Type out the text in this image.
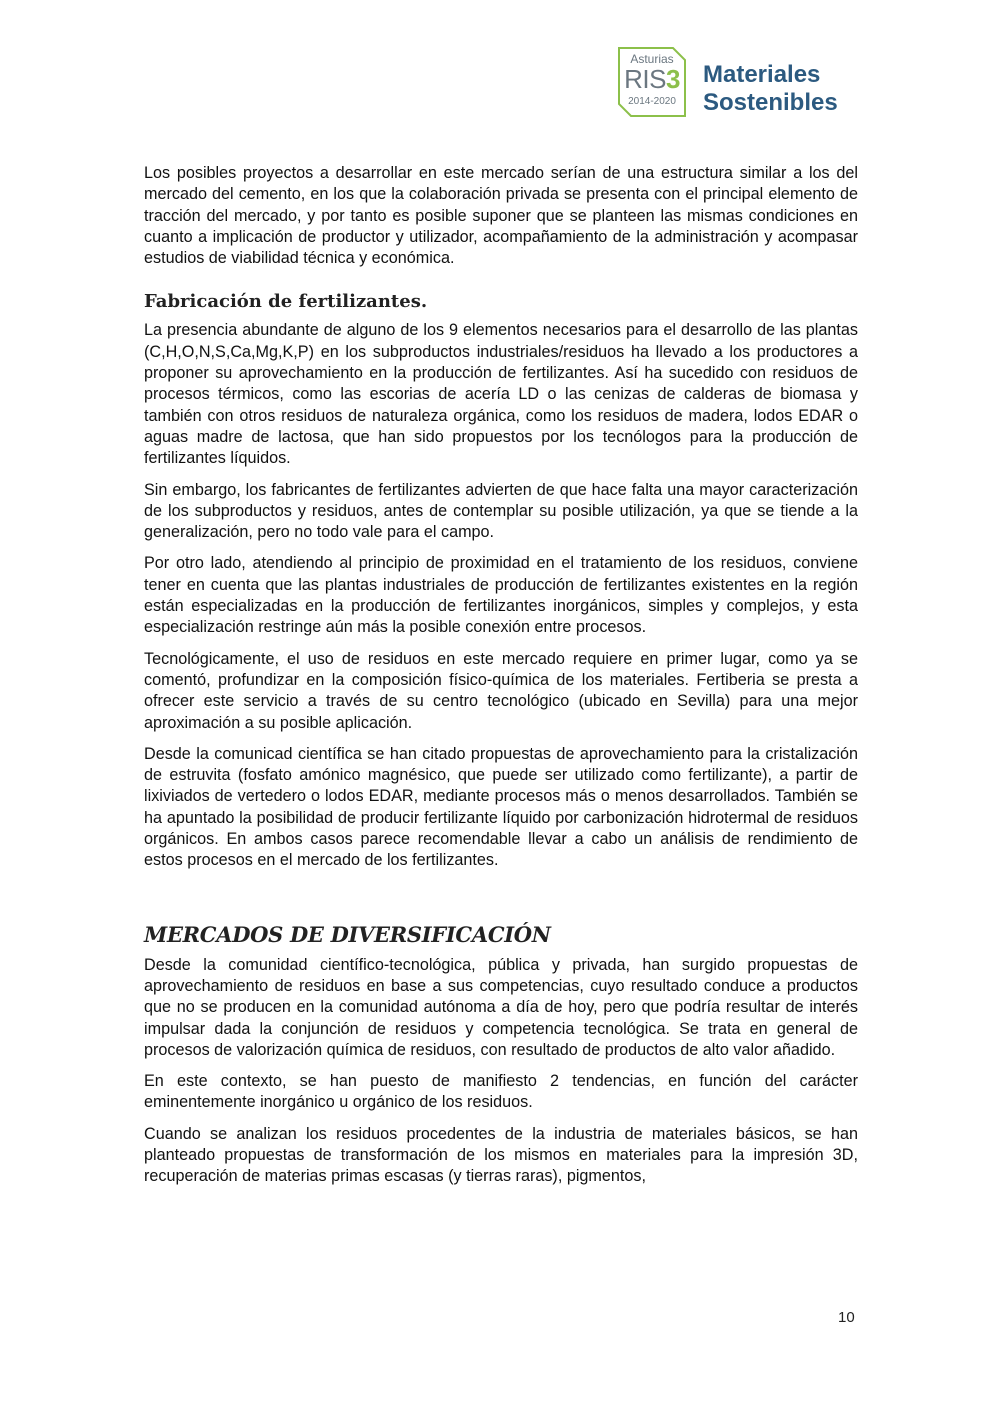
Asturias
RIS3
2014-2020
Materiales
Sostenibles

Los posibles proyectos a desarrollar en este mercado serían de una estructura similar a los del mercado del cemento, en los que la colaboración privada se presenta con el principal elemento de tracción del mercado, y por tanto es posible suponer que se planteen las mismas condiciones en cuanto a implicación de productor y utilizador, acompañamiento de la administración y acompasar estudios de viabilidad técnica y económica.

Fabricación de fertilizantes.

La presencia abundante de alguno de los 9 elementos necesarios para el desarrollo de las plantas (C,H,O,N,S,Ca,Mg,K,P) en los subproductos industriales/residuos ha llevado a los productores a proponer su aprovechamiento en la producción de fertilizantes. Así ha sucedido con residuos de procesos térmicos, como las escorias de acería LD o las cenizas de calderas de biomasa y también con otros residuos de naturaleza orgánica, como los residuos de madera, lodos EDAR o aguas madre de lactosa, que han sido propuestos por los tecnólogos para la producción de fertilizantes líquidos.

Sin embargo, los fabricantes de fertilizantes advierten de que hace falta una mayor caracterización de los subproductos y residuos, antes de contemplar su posible utilización, ya que se tiende a la generalización, pero no todo vale para el campo.

Por otro lado, atendiendo al principio de proximidad en el tratamiento de los residuos, conviene tener en cuenta que las plantas industriales de producción de fertilizantes existentes en la región están especializadas en la producción de fertilizantes inorgánicos, simples y complejos, y esta especialización restringe aún más la posible conexión entre procesos.

Tecnológicamente, el uso de residuos en este mercado requiere en primer lugar, como ya se comentó, profundizar en la composición físico-química de los materiales. Fertiberia se presta a ofrecer este servicio a través de su centro tecnológico (ubicado en Sevilla) para una mejor aproximación a su posible aplicación.

Desde la comunicad científica se han citado propuestas de aprovechamiento para la cristalización de estruvita (fosfato amónico magnésico, que puede ser utilizado como fertilizante), a partir de lixiviados de vertedero o lodos EDAR, mediante procesos más o menos desarrollados. También se ha apuntado la posibilidad de producir fertilizante líquido por carbonización hidrotermal de residuos orgánicos. En ambos casos parece recomendable llevar a cabo un análisis de rendimiento de estos procesos en el mercado de los fertilizantes.

MERCADOS DE DIVERSIFICACIÓN

Desde la comunidad científico-tecnológica, pública y privada, han surgido propuestas de aprovechamiento de residuos en base a sus competencias, cuyo resultado conduce a productos que no se producen en la comunidad autónoma a día de hoy, pero que podría resultar de interés impulsar dada la conjunción de residuos y competencia tecnológica. Se trata en general de procesos de valorización química de residuos, con resultado de productos de alto valor añadido.

En este contexto, se han puesto de manifiesto 2 tendencias, en función del carácter eminentemente inorgánico u orgánico de los residuos.

Cuando se analizan los residuos procedentes de la industria de materiales básicos, se han planteado propuestas de transformación de los mismos en materiales para la impresión 3D, recuperación de materias primas escasas (y tierras raras), pigmentos,

10
